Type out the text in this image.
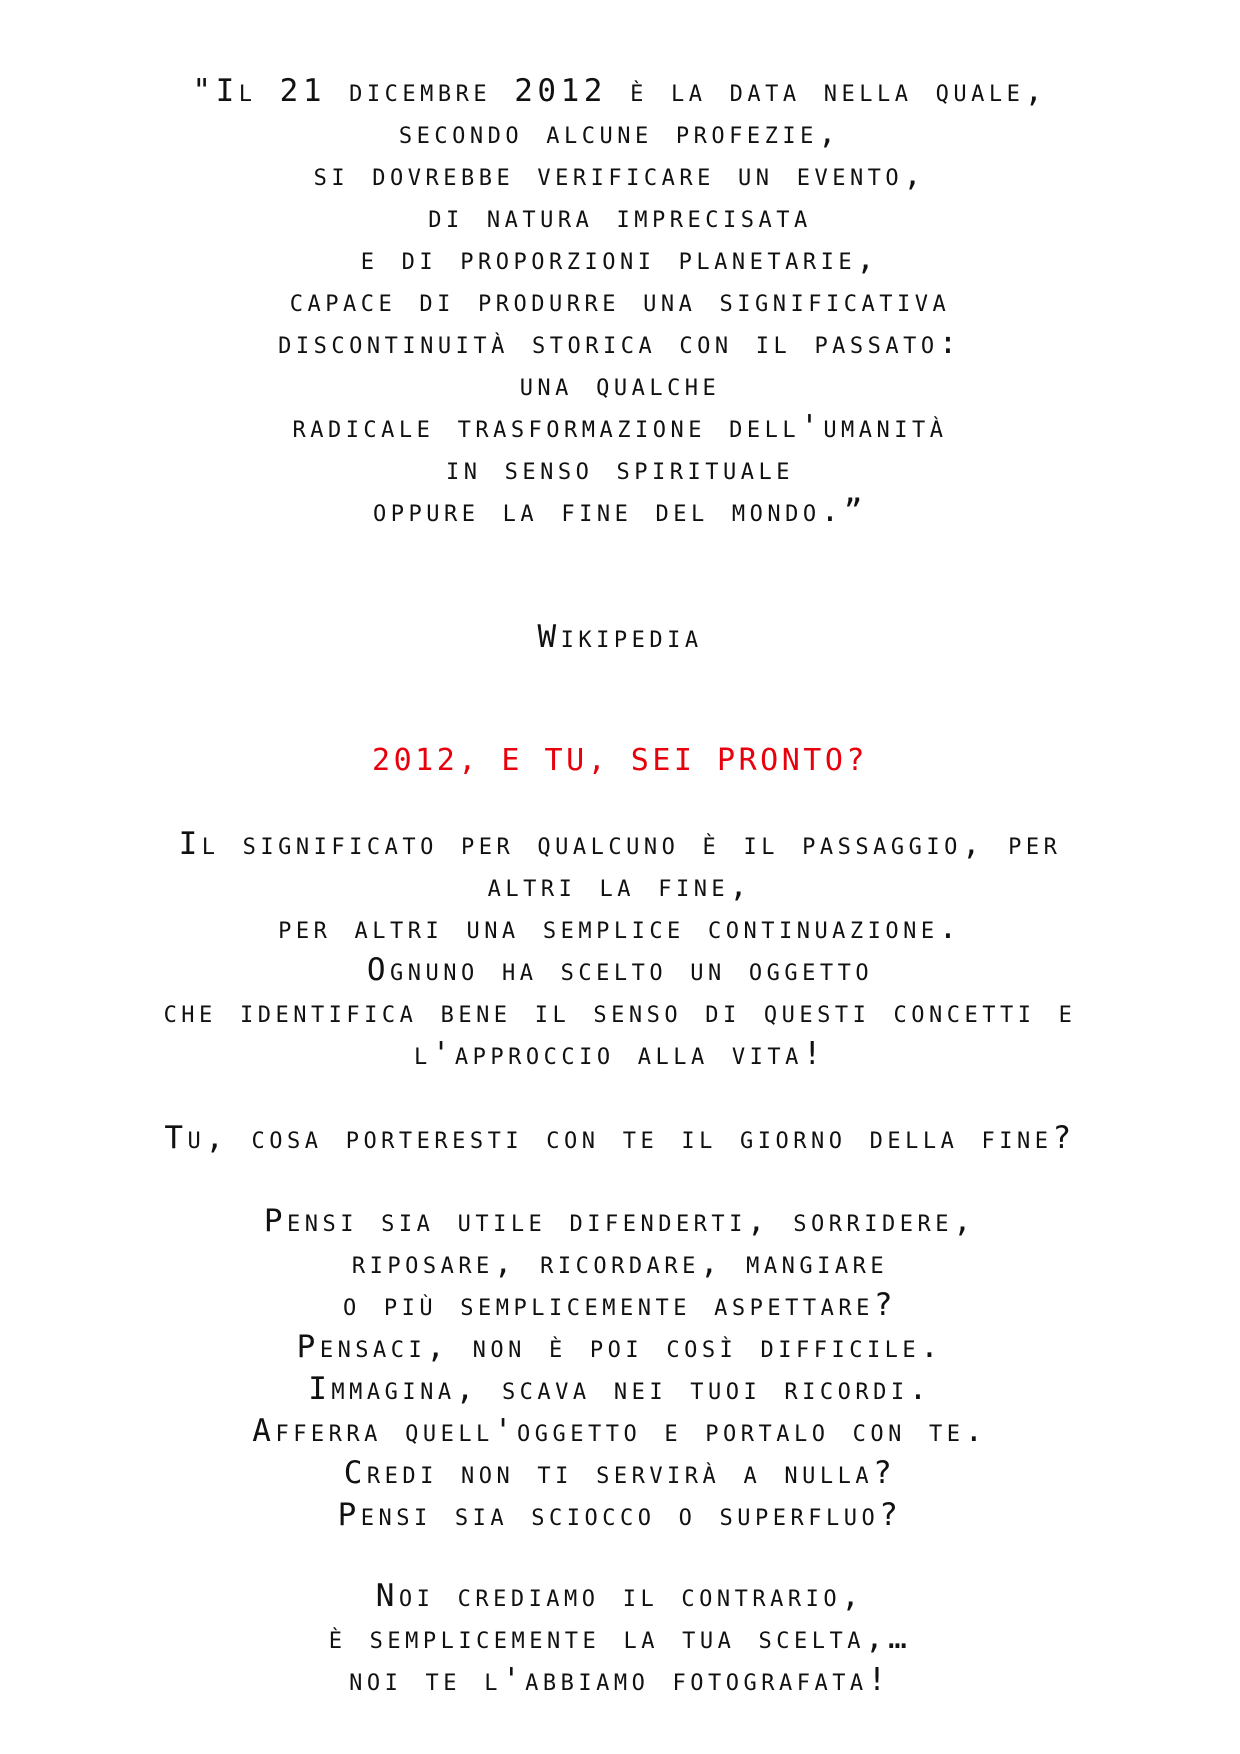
"Il 21 dicembre 2012 è la data nella quale,
secondo alcune profezie,
si dovrebbe verificare un evento,
di natura imprecisata
e di proporzioni planetarie,
capace di produrre una significativa
discontinuità storica con il passato:
una qualche
radicale trasformazione dell'umanità
in senso spirituale
oppure la fine del mondo.”
Wikipedia
2012, E TU, SEI PRONTO?
Il significato per qualcuno è il passaggio, per
altri la fine,
per altri una semplice continuazione.
Ognuno ha scelto un oggetto
che identifica bene il senso di questi concetti e
l'approccio alla vita!
Tu, cosa porteresti con te il giorno della fine?
Pensi sia utile difenderti, sorridere,
riposare, ricordare, mangiare
o più semplicemente aspettare?
Pensaci, non è poi così difficile.
Immagina, scava nei tuoi ricordi.
Afferra quell'oggetto e portalo con te.
Credi non ti servirà a nulla?
Pensi sia sciocco o superfluo?
Noi crediamo il contrario,
è semplicemente la tua scelta,…
noi te l'abbiamo fotografata!
